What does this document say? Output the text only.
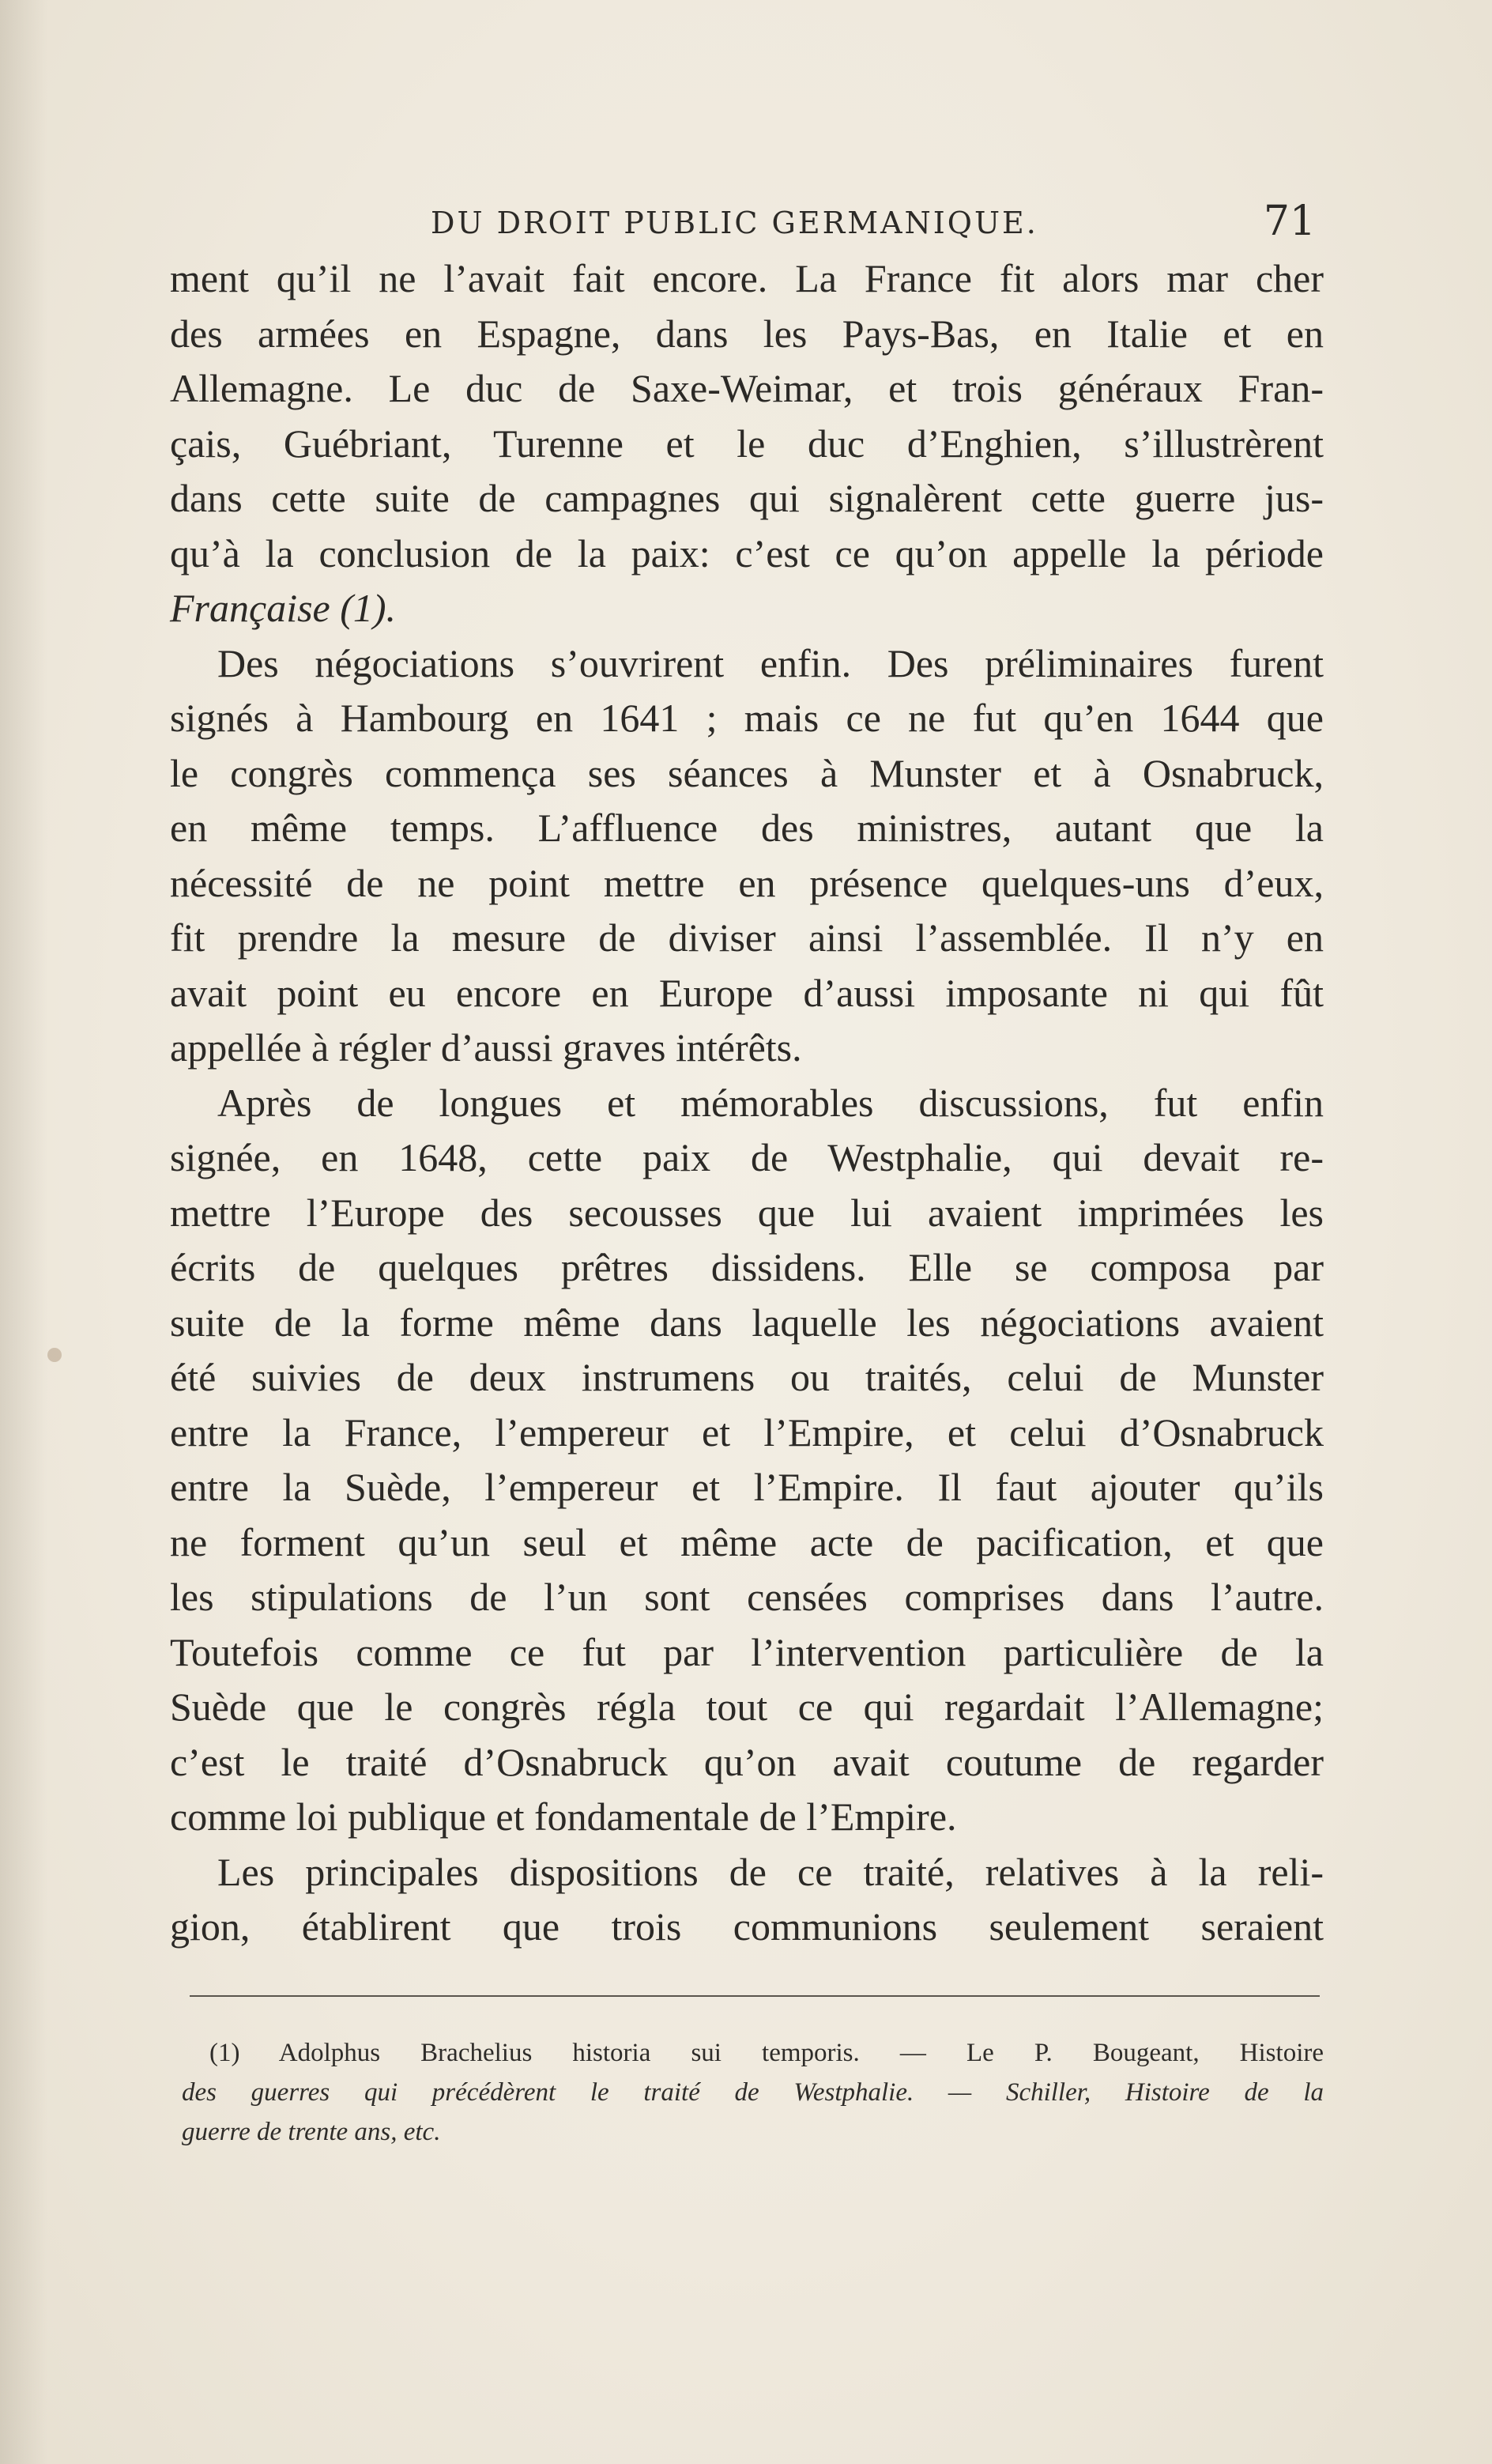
DU DROIT PUBLIC GERMANIQUE.	71
ment qu’il ne l’avait fait encore. La France fit alors mar cher
des armées en Espagne, dans les Pays-Bas, en Italie et en
Allemagne. Le duc de Saxe-Weimar, et trois généraux Fran-
çais, Guébriant, Turenne et le duc d’Enghien, s’illustrèrent
dans cette suite de campagnes qui signalèrent cette guerre jus-
qu’à la conclusion de la paix: c’est ce qu’on appelle la période
Française (1).
Des négociations s’ouvrirent enfin. Des préliminaires furent
signés à Hambourg en 1641 ; mais ce ne fut qu’en 1644 que
le congrès commença ses séances à Munster et à Osnabruck,
en même temps. L’affluence des ministres, autant que la
nécessité de ne point mettre en présence quelques-uns d’eux,
fit prendre la mesure de diviser ainsi l’assemblée. Il n’y en
avait point eu encore en Europe d’aussi imposante ni qui fût
appellée à régler d’aussi graves intérêts.
Après de longues et mémorables discussions, fut enfin
signée, en 1648, cette paix de Westphalie, qui devait re-
mettre l’Europe des secousses que lui avaient imprimées les
écrits de quelques prêtres dissidens. Elle se composa par
suite de la forme même dans laquelle les négociations avaient
été suivies de deux instrumens ou traités, celui de Munster
entre la France, l’empereur et l’Empire, et celui d’Osnabruck
entre la Suède, l’empereur et l’Empire. Il faut ajouter qu’ils
ne forment qu’un seul et même acte de pacification, et que
les stipulations de l’un sont censées comprises dans l’autre.
Toutefois comme ce fut par l’intervention particulière de la
Suède que le congrès régla tout ce qui regardait l’Allemagne;
c’est le traité d’Osnabruck qu’on avait coutume de regarder
comme loi publique et fondamentale de l’Empire.
Les principales dispositions de ce traité, relatives à la reli-
gion, établirent que trois communions seulement seraient
(1) Adolphus Brachelius historia sui temporis. — Le P. Bougeant, Histoire
des guerres qui précédèrent le traité de Westphalie. — Schiller, Histoire de la
guerre de trente ans, etc.
